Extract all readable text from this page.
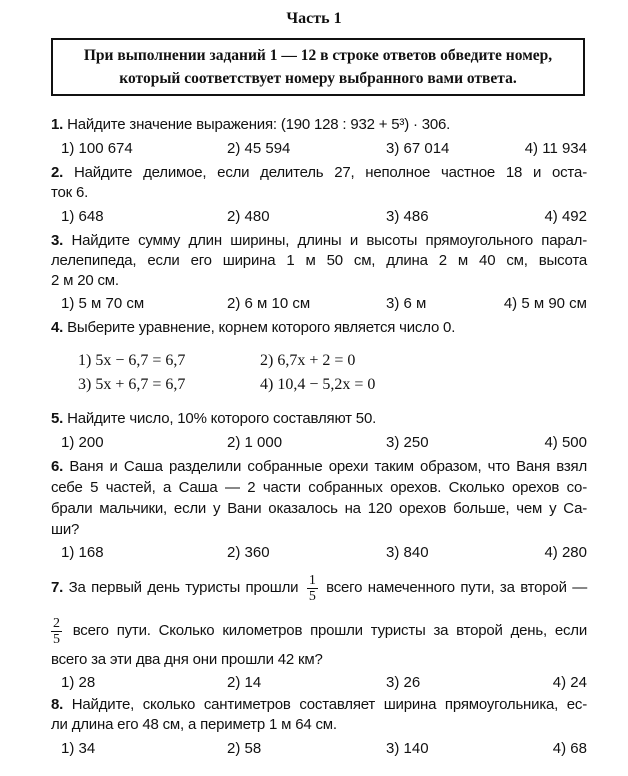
Часть 1
При выполнении заданий 1 — 12 в строке ответов обведите номер,
который соответствует номеру выбранного вами ответа.
1. Найдите значение выражения: (190 128 : 932 + 5³) · 306.
1) 100 674	2) 45 594	3) 67 014	4) 11 934
2. Найдите делимое, если делитель 27, неполное частное 18 и остa-
ток 6.
1) 648	2) 480	3) 486	4) 492
3. Найдите сумму длин ширины, длины и высоты прямоугольного парал-
лелепипеда, если его ширина 1 м 50 см, длина 2 м 40 см, высота
2 м 20 см.
1) 5 м 70 см	2) 6 м 10 см	3) 6 м	4) 5 м 90 см
4. Выберите уравнение, корнем которого является число 0.
1) 5x − 6,7 = 6,7	2) 6,7x + 2 = 0
3) 5x + 6,7 = 6,7	4) 10,4 − 5,2x = 0
5. Найдите число, 10% которого составляют 50.
1) 200	2) 1 000	3) 250	4) 500
6. Ваня и Саша разделили собранные орехи таким образом, что Ваня взял
себе 5 частей, а Саша — 2 части собранных орехов. Сколько орехов со-
брали мальчики, если у Вани оказалось на 120 орехов больше, чем у Са-
ши?
1) 168	2) 360	3) 840	4) 280
7. За первый день туристы прошли $\frac{1}{5}$ всего намеченного пути, за второй —
$\frac{2}{5}$ всего пути. Сколько километров прошли туристы за второй день, если
всего за эти два дня они прошли 42 км?
1) 28	2) 14	3) 26	4) 24
8. Найдите, сколько сантиметров составляет ширина прямоугольника, ес-
ли длина его 48 см, а периметр 1 м 64 см.
1) 34	2) 58	3) 140	4) 68
